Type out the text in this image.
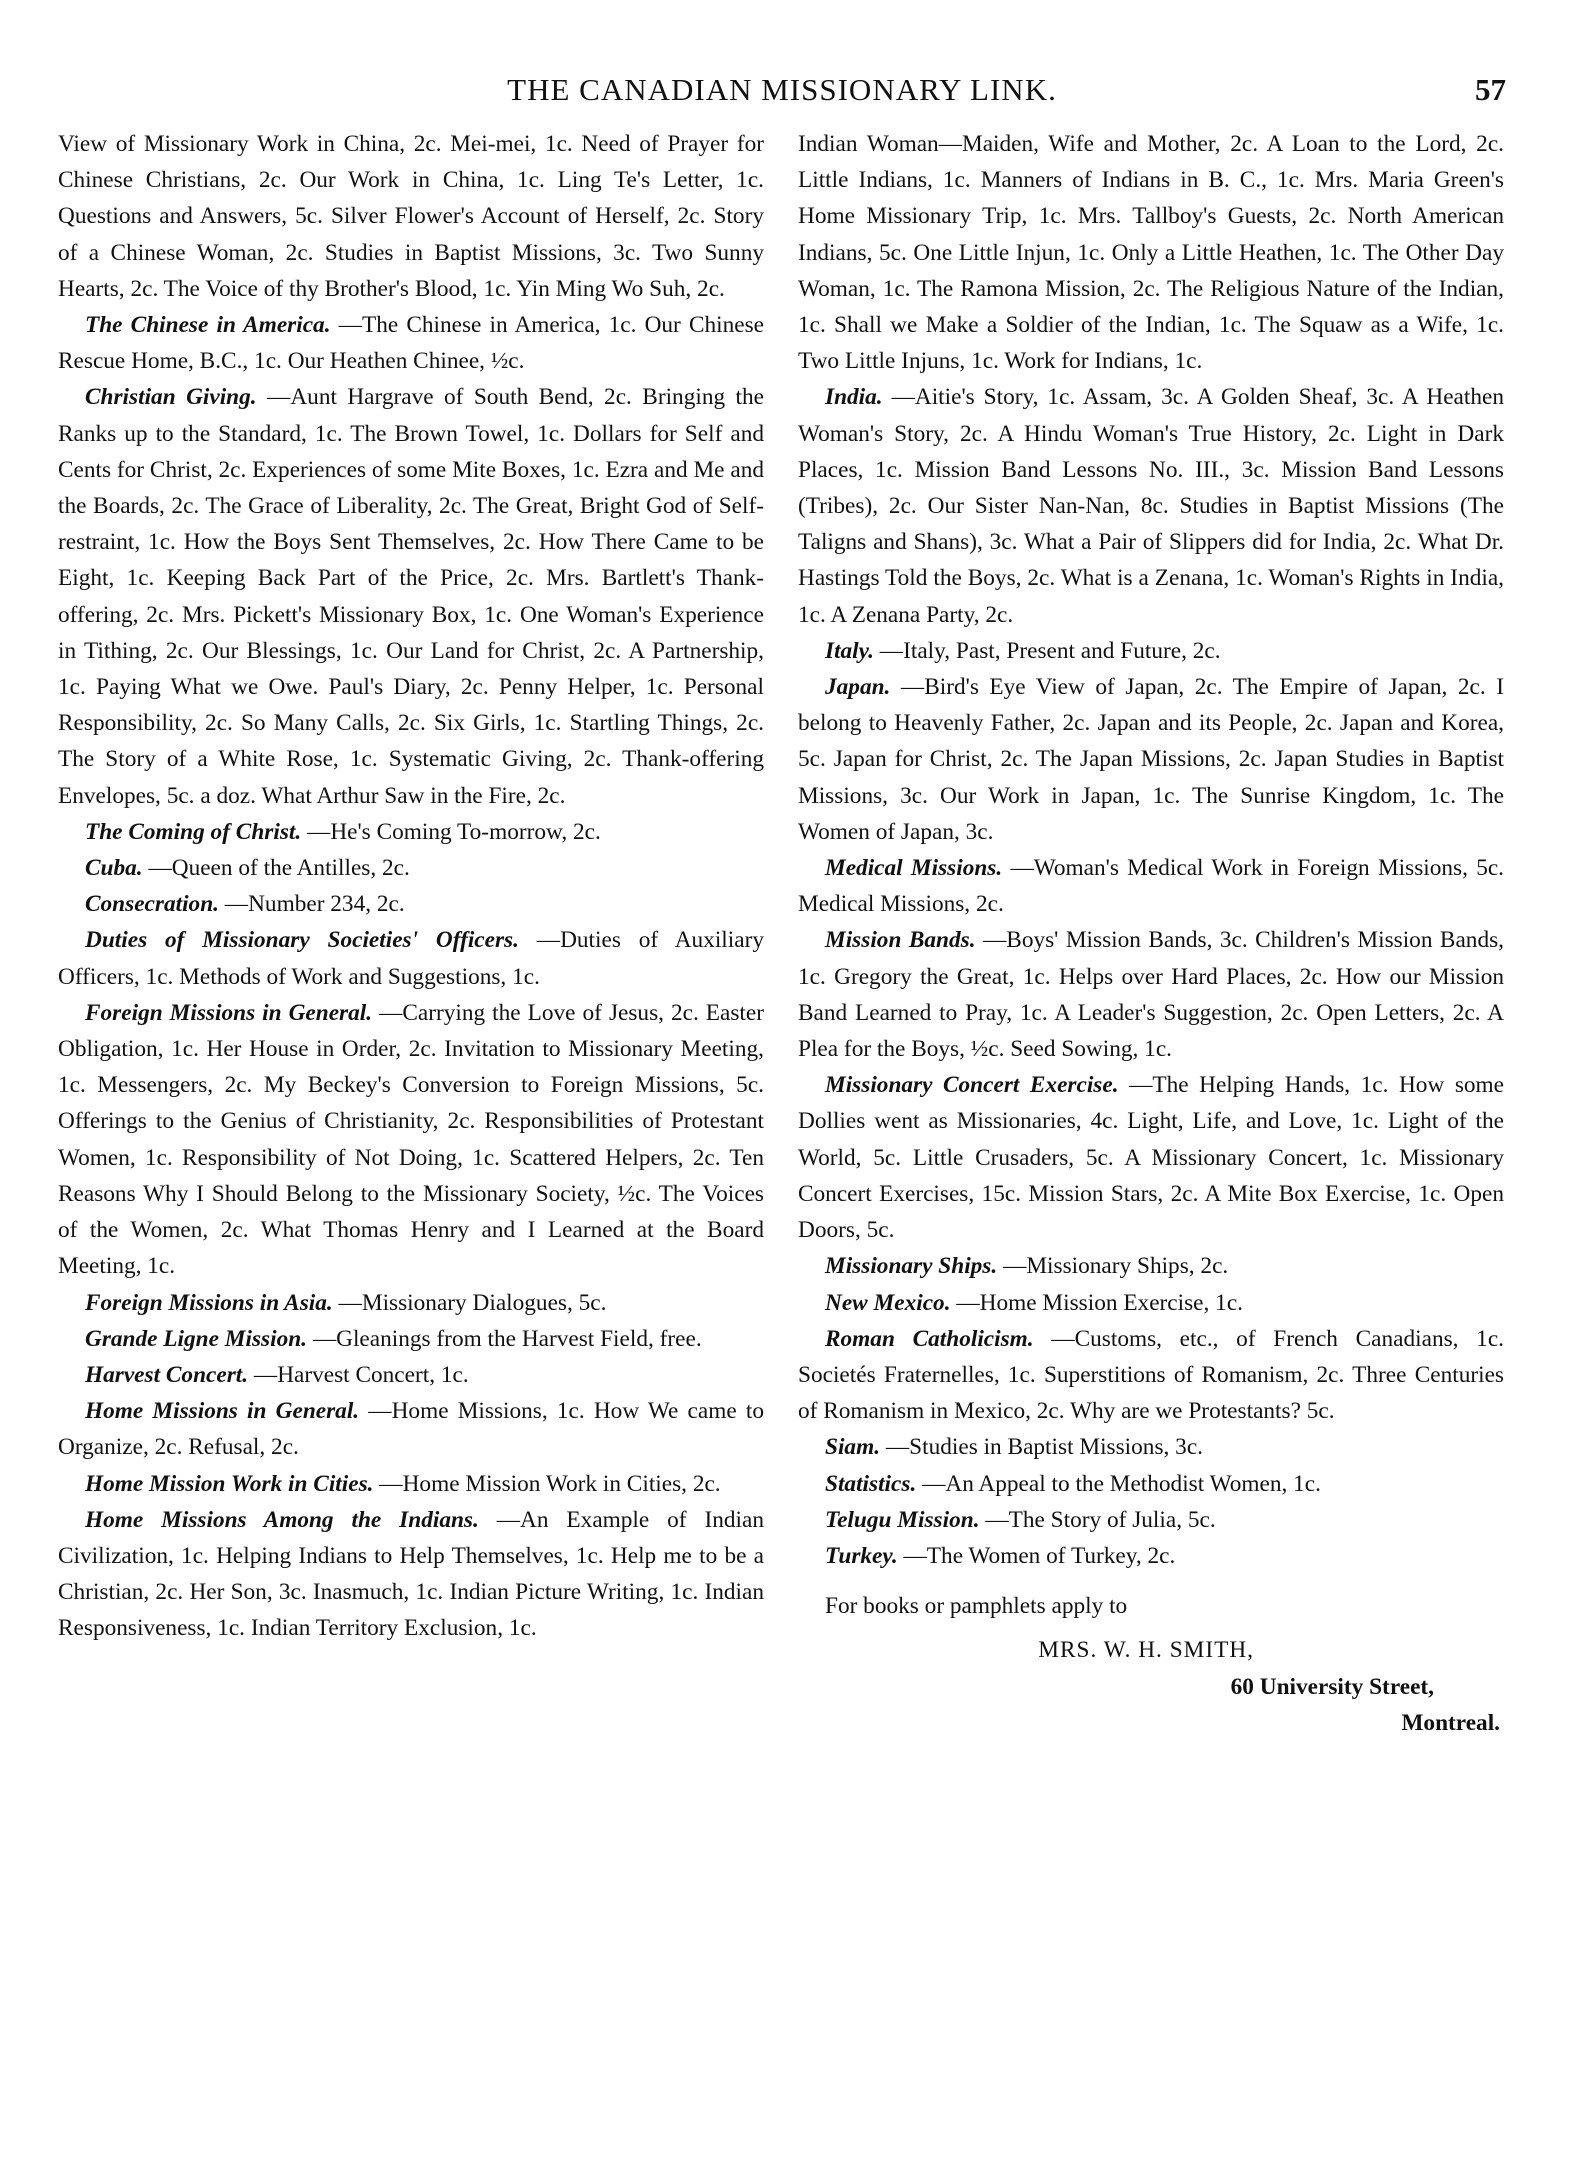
THE CANADIAN MISSIONARY LINK.	57

View of Missionary Work in China, 2c. Mei-mei, 1c. Need of Prayer for Chinese Christians, 2c. Our Work in China, 1c. Ling Te's Letter, 1c. Questions and Answers, 5c. Silver Flower's Account of Herself, 2c. Story of a Chinese Woman, 2c. Studies in Baptist Missions, 3c. Two Sunny Hearts, 2c. The Voice of thy Brother's Blood, 1c. Yin Ming Wo Suh, 2c.

The Chinese in America. —The Chinese in America, 1c. Our Chinese Rescue Home, B.C., 1c. Our Heathen Chinee, ½c.

Christian Giving. —Aunt Hargrave of South Bend, 2c. Bringing the Ranks up to the Standard, 1c. The Brown Towel, 1c. Dollars for Self and Cents for Christ, 2c. Experiences of some Mite Boxes, 1c. Ezra and Me and the Boards, 2c. The Grace of Liberality, 2c. The Great, Bright God of Self-restraint, 1c. How the Boys Sent Themselves, 2c. How There Came to be Eight, 1c. Keeping Back Part of the Price, 2c. Mrs. Bartlett's Thank-offering, 2c. Mrs. Pickett's Missionary Box, 1c. One Woman's Experience in Tithing, 2c. Our Blessings, 1c. Our Land for Christ, 2c. A Partnership, 1c. Paying What we Owe. Paul's Diary, 2c. Penny Helper, 1c. Personal Responsibility, 2c. So Many Calls, 2c. Six Girls, 1c. Startling Things, 2c. The Story of a White Rose, 1c. Systematic Giving, 2c. Thank-offering Envelopes, 5c. a doz. What Arthur Saw in the Fire, 2c.

The Coming of Christ. —He's Coming To-morrow, 2c.

Cuba. —Queen of the Antilles, 2c.

Consecration. —Number 234, 2c.

Duties of Missionary Societies' Officers. —Duties of Auxiliary Officers, 1c. Methods of Work and Suggestions, 1c.

Foreign Missions in General. —Carrying the Love of Jesus, 2c. Easter Obligation, 1c. Her House in Order, 2c. Invitation to Missionary Meeting, 1c. Messengers, 2c. My Beckey's Conversion to Foreign Missions, 5c. Offerings to the Genius of Christianity, 2c. Responsibilities of Protestant Women, 1c. Responsibility of Not Doing, 1c. Scattered Helpers, 2c. Ten Reasons Why I Should Belong to the Missionary Society, ½c. The Voices of the Women, 2c. What Thomas Henry and I Learned at the Board Meeting, 1c.

Foreign Missions in Asia. —Missionary Dialogues, 5c.

Grande Ligne Mission. —Gleanings from the Harvest Field, free.

Harvest Concert. —Harvest Concert, 1c.

Home Missions in General. —Home Missions, 1c. How We came to Organize, 2c. Refusal, 2c.

Home Mission Work in Cities. —Home Mission Work in Cities, 2c.

Home Missions Among the Indians. —An Example of Indian Civilization, 1c. Helping Indians to Help Themselves, 1c. Help me to be a Christian, 2c. Her Son, 3c. Inasmuch, 1c. Indian Picture Writing, 1c. Indian Responsiveness, 1c. Indian Territory Exclusion, 1c.

Indian Woman—Maiden, Wife and Mother, 2c. A Loan to the Lord, 2c. Little Indians, 1c. Manners of Indians in B. C., 1c. Mrs. Maria Green's Home Missionary Trip, 1c. Mrs. Tallboy's Guests, 2c. North American Indians, 5c. One Little Injun, 1c. Only a Little Heathen, 1c. The Other Day Woman, 1c. The Ramona Mission, 2c. The Religious Nature of the Indian, 1c. Shall we Make a Soldier of the Indian, 1c. The Squaw as a Wife, 1c. Two Little Injuns, 1c. Work for Indians, 1c.

India. —Aitie's Story, 1c. Assam, 3c. A Golden Sheaf, 3c. A Heathen Woman's Story, 2c. A Hindu Woman's True History, 2c. Light in Dark Places, 1c. Mission Band Lessons No. III., 3c. Mission Band Lessons (Tribes), 2c. Our Sister Nan-Nan, 8c. Studies in Baptist Missions (The Taligns and Shans), 3c. What a Pair of Slippers did for India, 2c. What Dr. Hastings Told the Boys, 2c. What is a Zenana, 1c. Woman's Rights in India, 1c. A Zenana Party, 2c.

Italy. —Italy, Past, Present and Future, 2c.

Japan. —Bird's Eye View of Japan, 2c. The Empire of Japan, 2c. I belong to Heavenly Father, 2c. Japan and its People, 2c. Japan and Korea, 5c. Japan for Christ, 2c. The Japan Missions, 2c. Japan Studies in Baptist Missions, 3c. Our Work in Japan, 1c. The Sunrise Kingdom, 1c. The Women of Japan, 3c.

Medical Missions. —Woman's Medical Work in Foreign Missions, 5c. Medical Missions, 2c.

Mission Bands. —Boys' Mission Bands, 3c. Children's Mission Bands, 1c. Gregory the Great, 1c. Helps over Hard Places, 2c. How our Mission Band Learned to Pray, 1c. A Leader's Suggestion, 2c. Open Letters, 2c. A Plea for the Boys, ½c. Seed Sowing, 1c.

Missionary Concert Exercise. —The Helping Hands, 1c. How some Dollies went as Missionaries, 4c. Light, Life, and Love, 1c. Light of the World, 5c. Little Crusaders, 5c. A Missionary Concert, 1c. Missionary Concert Exercises, 15c. Mission Stars, 2c. A Mite Box Exercise, 1c. Open Doors, 5c.

Missionary Ships. —Missionary Ships, 2c.

New Mexico. —Home Mission Exercise, 1c.

Roman Catholicism. —Customs, etc., of French Canadians, 1c. Societés Fraternelles, 1c. Superstitions of Romanism, 2c. Three Centuries of Romanism in Mexico, 2c. Why are we Protestants? 5c.

Siam. —Studies in Baptist Missions, 3c.

Statistics. —An Appeal to the Methodist Women, 1c.

Telugu Mission. —The Story of Julia, 5c.

Turkey. —The Women of Turkey, 2c.

For books or pamphlets apply to

MRS. W. H. SMITH,

60 University Street,

Montreal.
